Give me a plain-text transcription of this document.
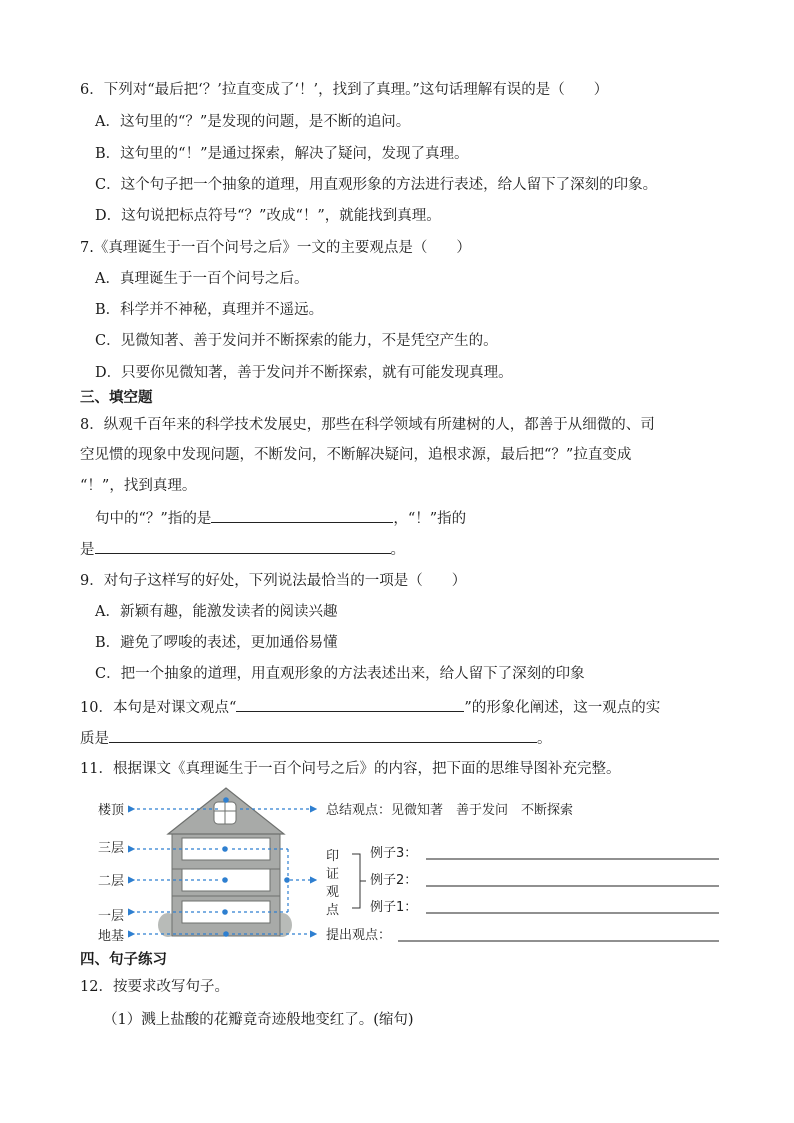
6．下列对“最后把‘？’拉直变成了‘！’，找到了真理。”这句话理解有误的是（　　）
A．这句里的“？”是发现的问题，是不断的追问。
B．这句里的“！”是通过探索，解决了疑问，发现了真理。
C．这个句子把一个抽象的道理，用直观形象的方法进行表述，给人留下了深刻的印象。
D．这句说把标点符号“？”改成“！”，就能找到真理。
7.《真理诞生于一百个问号之后》一文的主要观点是（　　）
A．真理诞生于一百个问号之后。
B．科学并不神秘，真理并不遥远。
C．见微知著、善于发问并不断探索的能力，不是凭空产生的。
D．只要你见微知著，善于发问并不断探索，就有可能发现真理。
三、填空题
8．纵观千百年来的科学技术发展史，那些在科学领域有所建树的人，都善于从细微的、司
空见惯的现象中发现问题，不断发问，不断解决疑问，追根求源，最后把“？”拉直变成
“！”，找到真理。
句中的“？”指的是	，“！”指的
是	。
9．对句子这样写的好处，下列说法最恰当的一项是（　　）
A．新颖有趣，能激发读者的阅读兴趣
B．避免了啰唆的表述，更加通俗易懂
C．把一个抽象的道理，用直观形象的方法表述出来，给人留下了深刻的印象
10．本句是对课文观点“	”的形象化阐述，这一观点的实
质是	。
11．根据课文《真理诞生于一百个问号之后》的内容，把下面的思维导图补充完整。
楼顶
三层
二层
一层
地基
总结观点：见微知著　善于发问　不断探索
印
证
观
点
例子3：
例子2：
例子1：
提出观点：
四、句子练习
12．按要求改写句子。
（1）溅上盐酸的花瓣竟奇迹般地变红了。(缩句)
